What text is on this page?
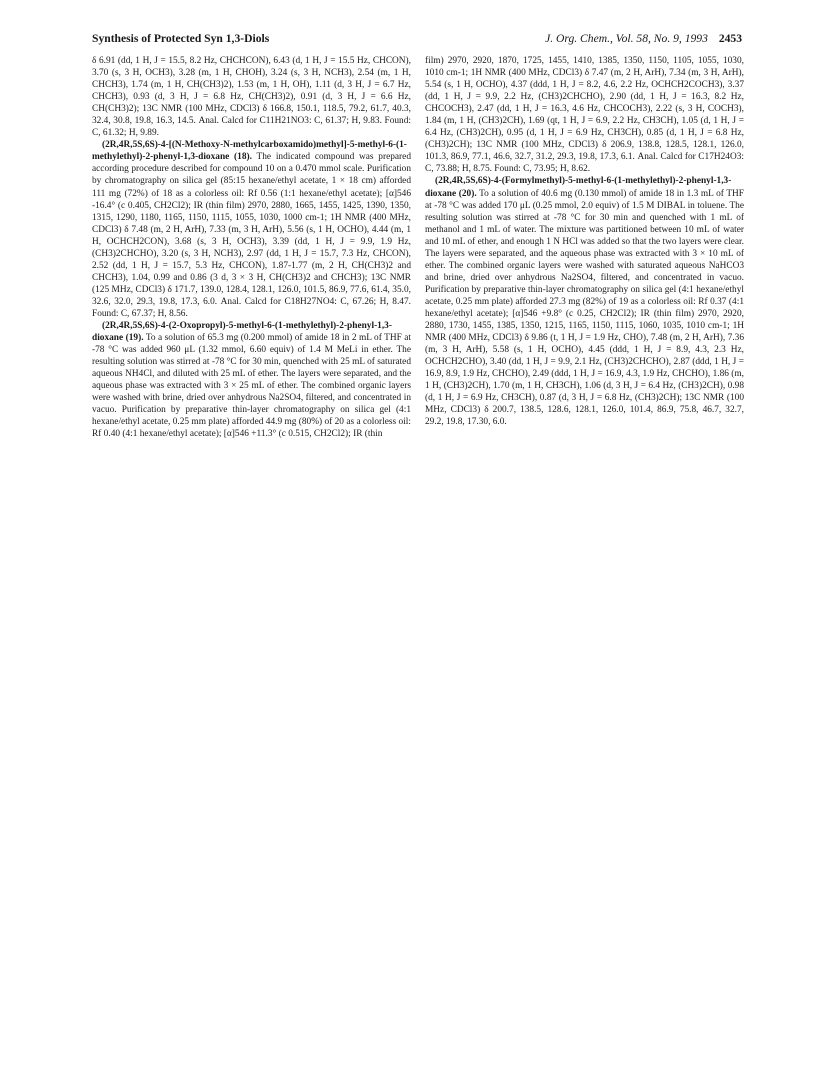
Synthesis of Protected Syn 1,3-Diols	J. Org. Chem., Vol. 58, No. 9, 1993 2453

δ 6.91 (dd, 1 H, J = 15.5, 8.2 Hz, CHCHCON), 6.43 (d, 1 H, J = 15.5 Hz, CHCON), 3.70 (s, 3 H, OCH3), 3.28 (m, 1 H, CHOH), 3.24 (s, 3 H, NCH3), 2.54 (m, 1 H, CHCH3), 1.74 (m, 1 H, CH(CH3)2), 1.53 (m, 1 H, OH), 1.11 (d, 3 H, J = 6.7 Hz, CHCH3), 0.93 (d, 3 H, J = 6.8 Hz, CH(CH3)2), 0.91 (d, 3 H, J = 6.6 Hz, CH(CH3)2); 13C NMR (100 MHz, CDCl3) δ 166.8, 150.1, 118.5, 79.2, 61.7, 40.3, 32.4, 30.8, 19.8, 16.3, 14.5. Anal. Calcd for C11H21NO3: C, 61.37; H, 9.83. Found: C, 61.32; H, 9.89.

(2R,4R,5S,6S)-4-[(N-Methoxy-N-methylcarboxamido)methyl]-5-methyl-6-(1-methylethyl)-2-phenyl-1,3-dioxane (18). The indicated compound was prepared according procedure described for compound 10 on a 0.470 mmol scale. Purification by chromatography on silica gel (85:15 hexane/ethyl acetate, 1 × 18 cm) afforded 111 mg (72%) of 18 as a colorless oil: Rf 0.56 (1:1 hexane/ethyl acetate); [α]546 -16.4° (c 0.405, CH2Cl2); IR (thin film) 2970, 2880, 1665, 1455, 1425, 1390, 1350, 1315, 1290, 1180, 1165, 1150, 1115, 1055, 1030, 1000 cm-1; 1H NMR (400 MHz, CDCl3) δ 7.48 (m, 2 H, ArH), 7.33 (m, 3 H, ArH), 5.56 (s, 1 H, OCHO), 4.44 (m, 1 H, OCHCH2CON), 3.68 (s, 3 H, OCH3), 3.39 (dd, 1 H, J = 9.9, 1.9 Hz, (CH3)2CHCHO), 3.20 (s, 3 H, NCH3), 2.97 (dd, 1 H, J = 15.7, 7.3 Hz, CHCON), 2.52 (dd, 1 H, J = 15.7, 5.3 Hz, CHCON), 1.87-1.77 (m, 2 H, CH(CH3)2 and CHCH3), 1.04, 0.99 and 0.86 (3 d, 3 × 3 H, CH(CH3)2 and CHCH3); 13C NMR (125 MHz, CDCl3) δ 171.7, 139.0, 128.4, 128.1, 126.0, 101.5, 86.9, 77.6, 61.4, 35.0, 32.6, 32.0, 29.3, 19.8, 17.3, 6.0. Anal. Calcd for C18H27NO4: C, 67.26; H, 8.47. Found: C, 67.37; H, 8.56.

(2R,4R,5S,6S)-4-(2-Oxopropyl)-5-methyl-6-(1-methylethyl)-2-phenyl-1,3-dioxane (19). To a solution of 65.3 mg (0.200 mmol) of amide 18 in 2 mL of THF at -78 °C was added 960 μL (1.32 mmol, 6.60 equiv) of 1.4 M MeLi in ether. The resulting solution was stirred at -78 °C for 30 min, quenched with 25 mL of saturated aqueous NH4Cl, and diluted with 25 mL of ether. The layers were separated, and the aqueous phase was extracted with 3 × 25 mL of ether. The combined organic layers were washed with brine, dried over anhydrous Na2SO4, filtered, and concentrated in vacuo. Purification by preparative thin-layer chromatography on silica gel (4:1 hexane/ethyl acetate, 0.25 mm plate) afforded 44.9 mg (80%) of 20 as a colorless oil: Rf 0.40 (4:1 hexane/ethyl acetate); [α]546 +11.3° (c 0.515, CH2Cl2); IR (thin

film) 2970, 2920, 1870, 1725, 1455, 1410, 1385, 1350, 1150, 1105, 1055, 1030, 1010 cm-1; 1H NMR (400 MHz, CDCl3) δ 7.47 (m, 2 H, ArH), 7.34 (m, 3 H, ArH), 5.54 (s, 1 H, OCHO), 4.37 (ddd, 1 H, J = 8.2, 4.6, 2.2 Hz, OCHCH2COCH3), 3.37 (dd, 1 H, J = 9.9, 2.2 Hz, (CH3)2CHCHO), 2.90 (dd, 1 H, J = 16.3, 8.2 Hz, CHCOCH3), 2.47 (dd, 1 H, J = 16.3, 4.6 Hz, CHCOCH3), 2.22 (s, 3 H, COCH3), 1.84 (m, 1 H, (CH3)2CH), 1.69 (qt, 1 H, J = 6.9, 2.2 Hz, CH3CH), 1.05 (d, 1 H, J = 6.4 Hz, (CH3)2CH), 0.95 (d, 1 H, J = 6.9 Hz, CH3CH), 0.85 (d, 1 H, J = 6.8 Hz, (CH3)2CH); 13C NMR (100 MHz, CDCl3) δ 206.9, 138.8, 128.5, 128.1, 126.0, 101.3, 86.9, 77.1, 46.6, 32.7, 31.2, 29.3, 19.8, 17.3, 6.1. Anal. Calcd for C17H24O3: C, 73.88; H, 8.75. Found: C, 73.95; H, 8.62.

(2R,4R,5S,6S)-4-(Formylmethyl)-5-methyl-6-(1-methylethyl)-2-phenyl-1,3-dioxane (20). To a solution of 40.6 mg (0.130 mmol) of amide 18 in 1.3 mL of THF at -78 °C was added 170 μL (0.25 mmol, 2.0 equiv) of 1.5 M DIBAL in toluene. The resulting solution was stirred at -78 °C for 30 min and quenched with 1 mL of methanol and 1 mL of water. The mixture was partitioned between 10 mL of water and 10 mL of ether, and enough 1 N HCl was added so that the two layers were clear. The layers were separated, and the aqueous phase was extracted with 3 × 10 mL of ether. The combined organic layers were washed with saturated aqueous NaHCO3 and brine, dried over anhydrous Na2SO4, filtered, and concentrated in vacuo. Purification by preparative thin-layer chromatography on silica gel (4:1 hexane/ethyl acetate, 0.25 mm plate) afforded 27.3 mg (82%) of 19 as a colorless oil: Rf 0.37 (4:1 hexane/ethyl acetate); [α]546 +9.8° (c 0.25, CH2Cl2); IR (thin film) 2970, 2920, 2880, 1730, 1455, 1385, 1350, 1215, 1165, 1150, 1115, 1060, 1035, 1010 cm-1; 1H NMR (400 MHz, CDCl3) δ 9.86 (t, 1 H, J = 1.9 Hz, CHO), 7.48 (m, 2 H, ArH), 7.36 (m, 3 H, ArH), 5.58 (s, 1 H, OCHO), 4.45 (ddd, 1 H, J = 8.9, 4.3, 2.3 Hz, OCHCH2CHO), 3.40 (dd, 1 H, J = 9.9, 2.1 Hz, (CH3)2CHCHO), 2.87 (ddd, 1 H, J = 16.9, 8.9, 1.9 Hz, CHCHO), 2.49 (ddd, 1 H, J = 16.9, 4.3, 1.9 Hz, CHCHO), 1.86 (m, 1 H, (CH3)2CH), 1.70 (m, 1 H, CH3CH), 1.06 (d, 3 H, J = 6.4 Hz, (CH3)2CH), 0.98 (d, 1 H, J = 6.9 Hz, CH3CH), 0.87 (d, 3 H, J = 6.8 Hz, (CH3)2CH); 13C NMR (100 MHz, CDCl3) δ 200.7, 138.5, 128.6, 128.1, 126.0, 101.4, 86.9, 75.8, 46.7, 32.7, 29.2, 19.8, 17.30, 6.0.
